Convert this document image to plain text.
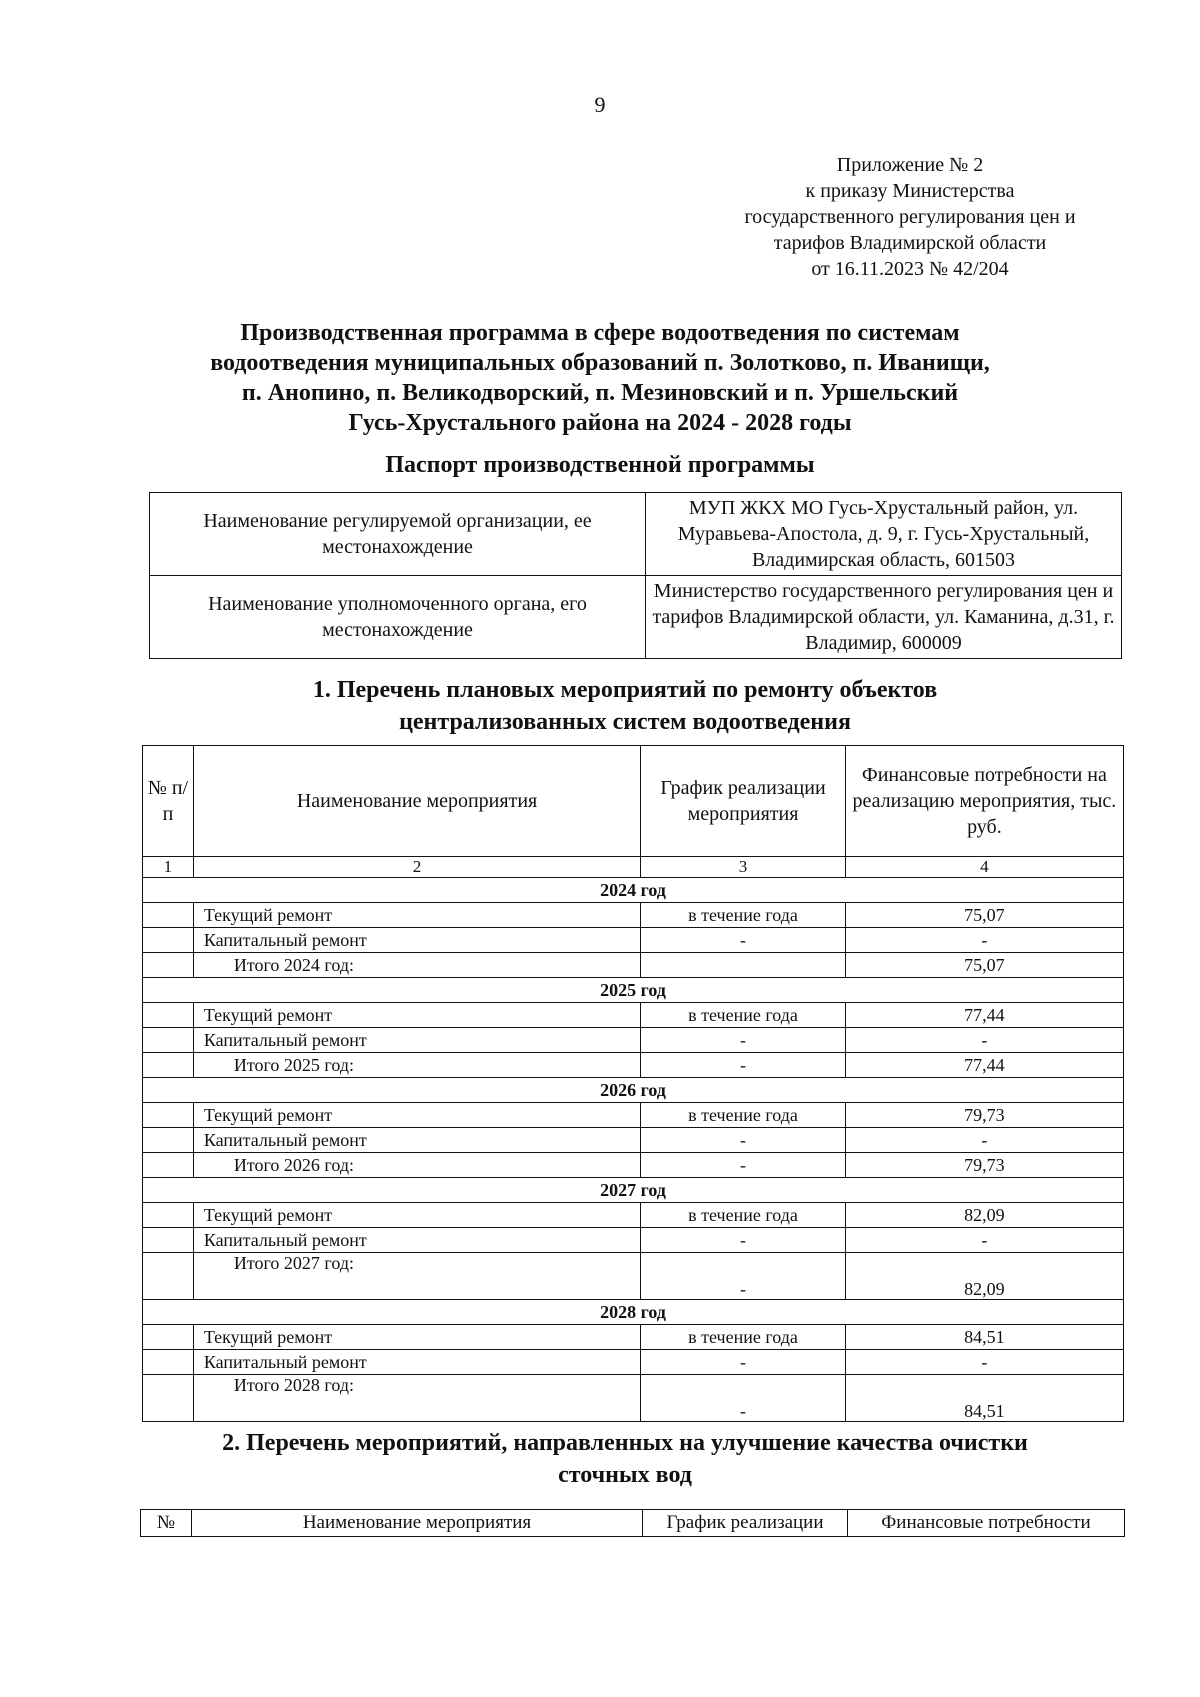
9
Приложение № 2
к приказу Министерства
государственного регулирования цен и
тарифов Владимирской области
от 16.11.2023 № 42/204
Производственная программа в сфере водоотведения по системам
водоотведения муниципальных образований п. Золотково, п. Иванищи,
п. Анопино, п. Великодворский, п. Мезиновский и п. Уршельский
Гусь-Хрустального района на 2024 - 2028 годы
Паспорт производственной программы
Наименование регулируемой организации, ее местонахождение	МУП ЖКХ МО Гусь-Хрустальный район, ул. Муравьева-Апостола, д. 9, г. Гусь-Хрустальный, Владимирская область, 601503
Наименование уполномоченного органа, его местонахождение	Министерство государственного регулирования цен и тарифов Владимирской области, ул. Каманина, д.31, г. Владимир, 600009
1. Перечень плановых мероприятий по ремонту объектов
централизованных систем водоотведения
№ п/п	Наименование мероприятия	График реализации мероприятия	Финансовые потребности на реализацию мероприятия, тыс. руб.
1	2	3	4
2024 год			
	Текущий ремонт	в течение года	75,07
	Капитальный ремонт	-	-
	Итого 2024 год:		75,07
2025 год			
	Текущий ремонт	в течение года	77,44
	Капитальный ремонт	-	-
	Итого 2025 год:	-	77,44
2026 год			
	Текущий ремонт	в течение года	79,73
	Капитальный ремонт	-	-
	Итого 2026 год:	-	79,73
2027 год			
	Текущий ремонт	в течение года	82,09
	Капитальный ремонт	-	-
	Итого 2027 год:	-	82,09
2028 год			
	Текущий ремонт	в течение года	84,51
	Капитальный ремонт	-	-
	Итого 2028 год:	-	84,51
2. Перечень мероприятий, направленных на улучшение качества очистки
сточных вод
№	Наименование мероприятия	График реализации	Финансовые потребности
